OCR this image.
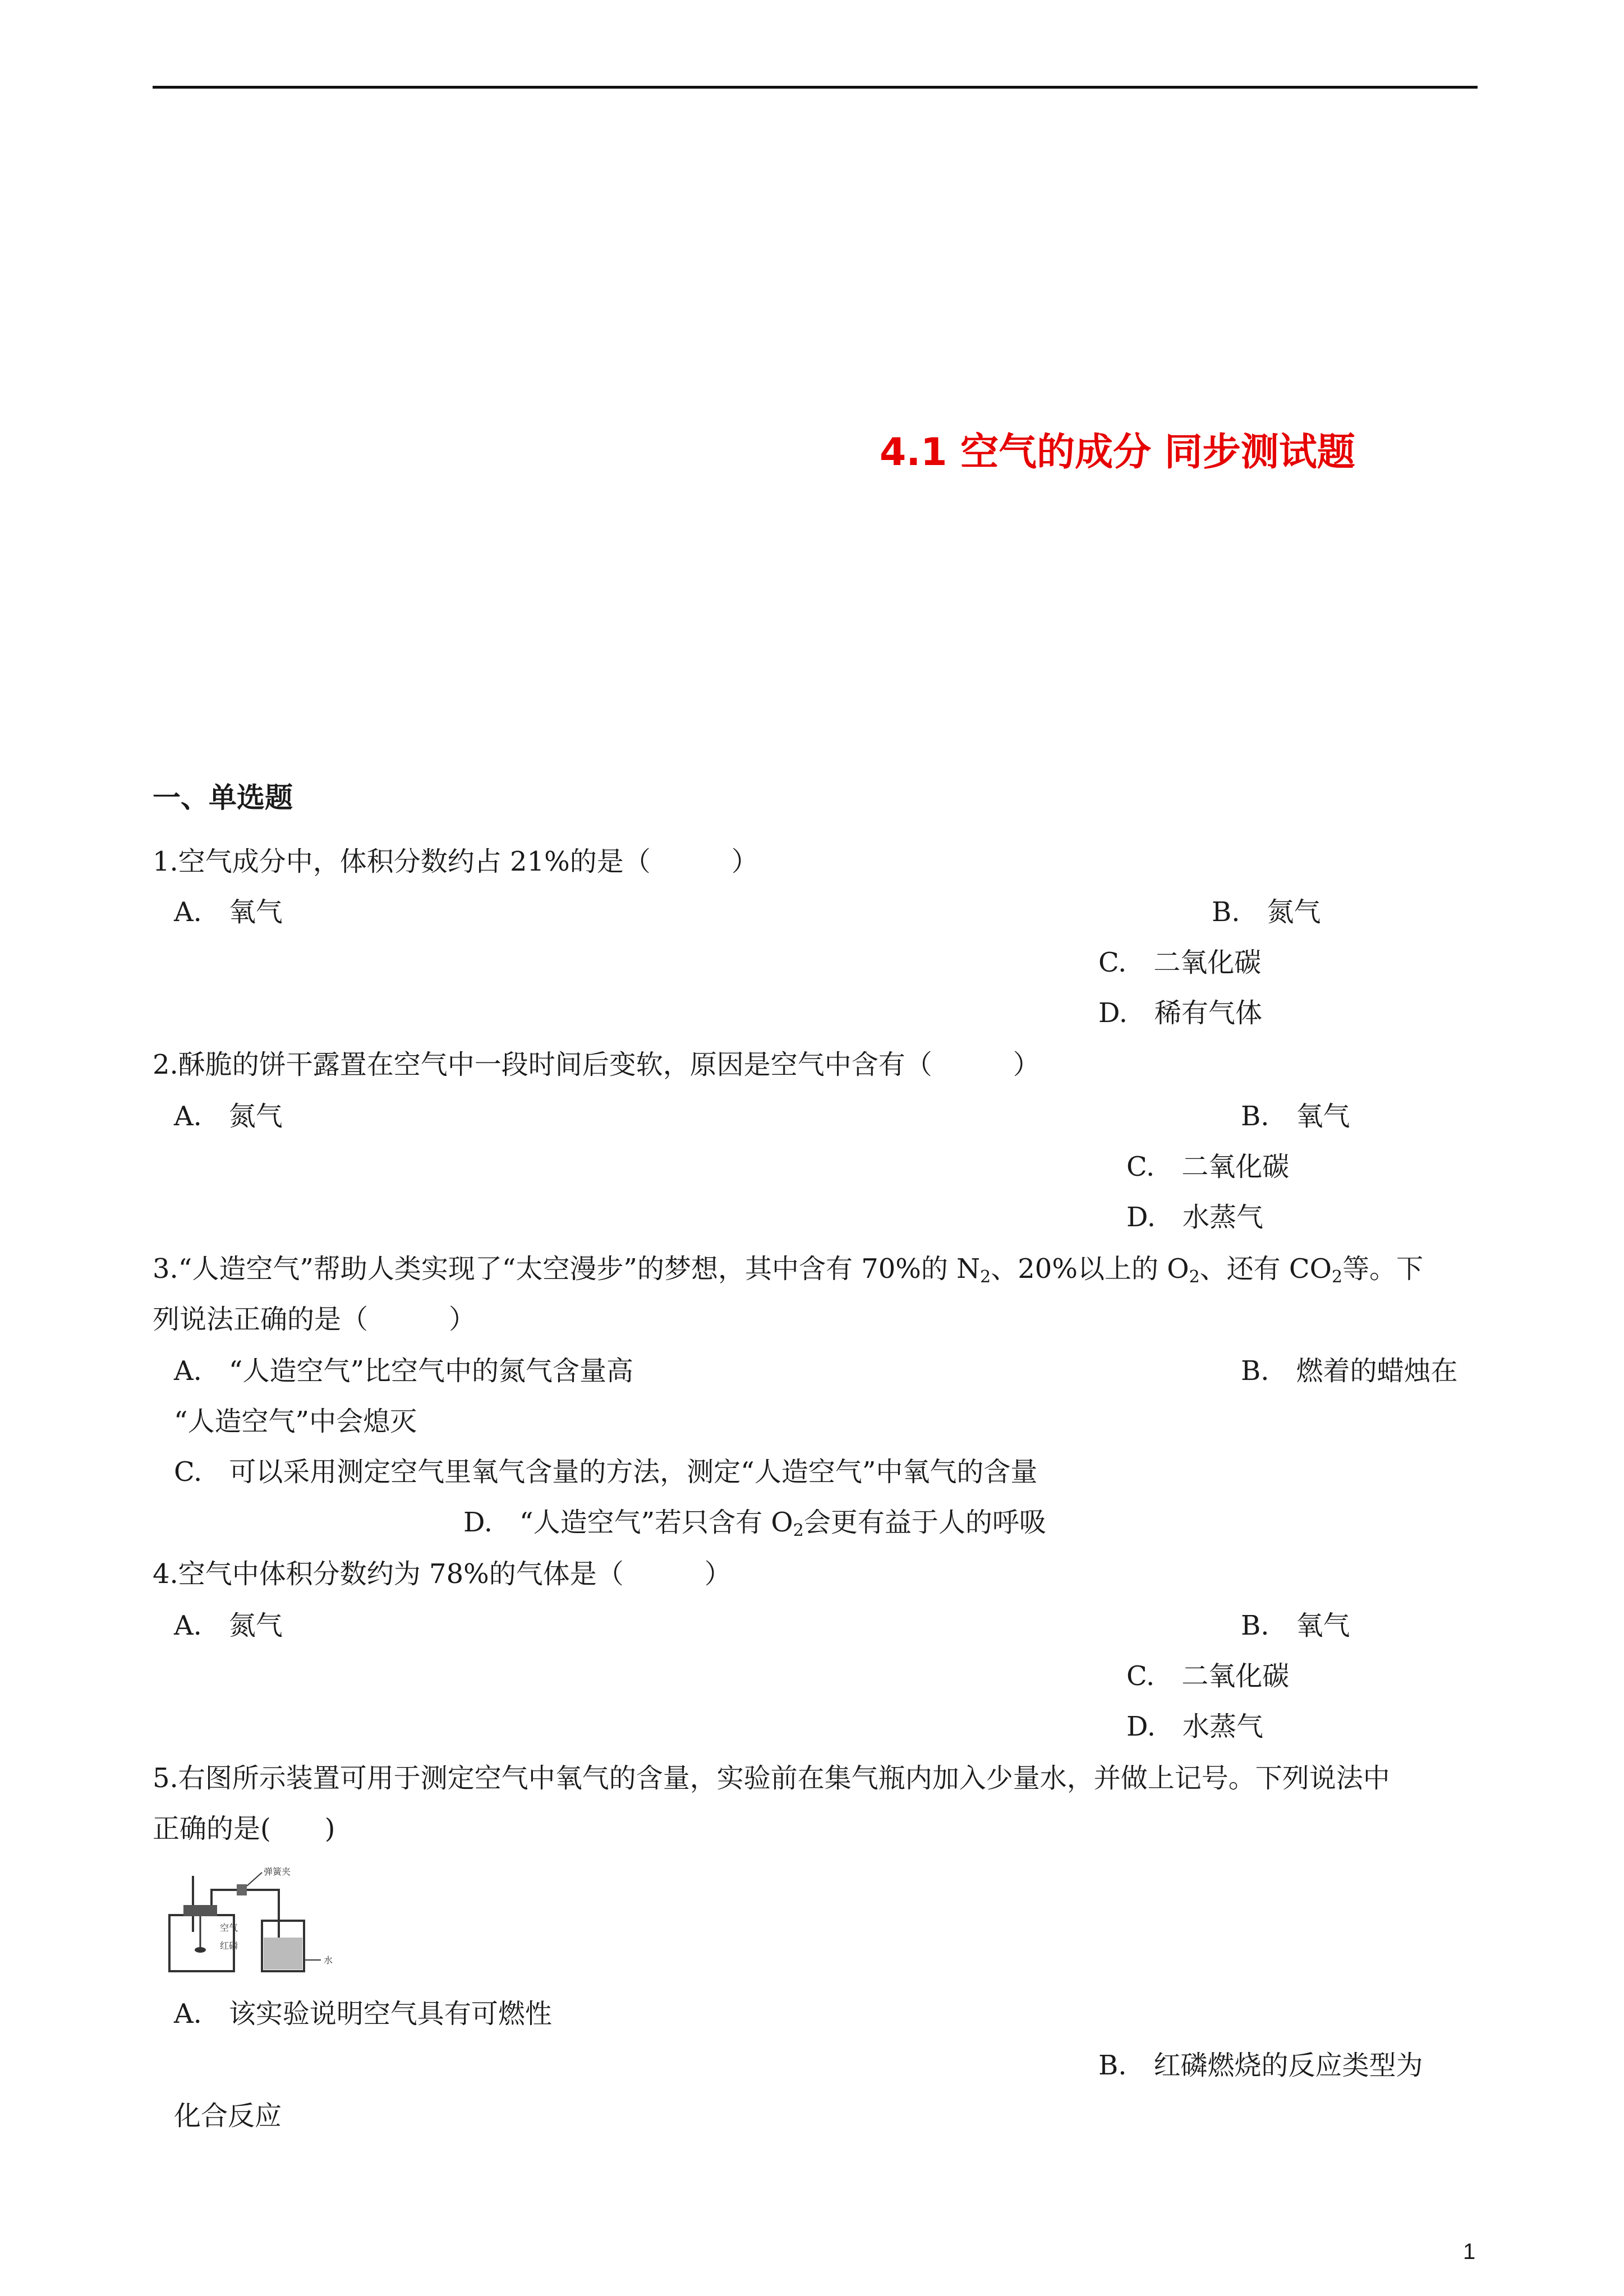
4.1 空气的成分 同步测试题
一、单选题
1.空气成分中，体积分数约占 21%的是（　　　）
A.　氧气	B.　氮气
C.　二氧化碳
D.　稀有气体
2.酥脆的饼干露置在空气中一段时间后变软，原因是空气中含有（　　　）
A.　氮气	B.　氧气
C.　二氧化碳
D.　水蒸气
3.“人造空气”帮助人类实现了“太空漫步”的梦想，其中含有 70%的 $N_2$、20%以上的 $O_2$、还有 $CO_2$等。下
列说法正确的是（　　　）
A.　“人造空气”比空气中的氮气含量高	B.　燃着的蜡烛在
“人造空气”中会熄灭
C.　可以采用测定空气里氧气含量的方法，测定“人造空气”中氧气的含量
D.　“人造空气”若只含有 $O_2$会更有益于人的呼吸
4.空气中体积分数约为 78%的气体是（　　　）
A.　氮气	B.　氧气
C.　二氧化碳
D.　水蒸气
5.右图所示装置可用于测定空气中氧气的含量，实验前在集气瓶内加入少量水，并做上记号。下列说法中
正确的是(　　)
弹簧夹
空气
红磷
水
A.　该实验说明空气具有可燃性
B.　红磷燃烧的反应类型为
化合反应
1
